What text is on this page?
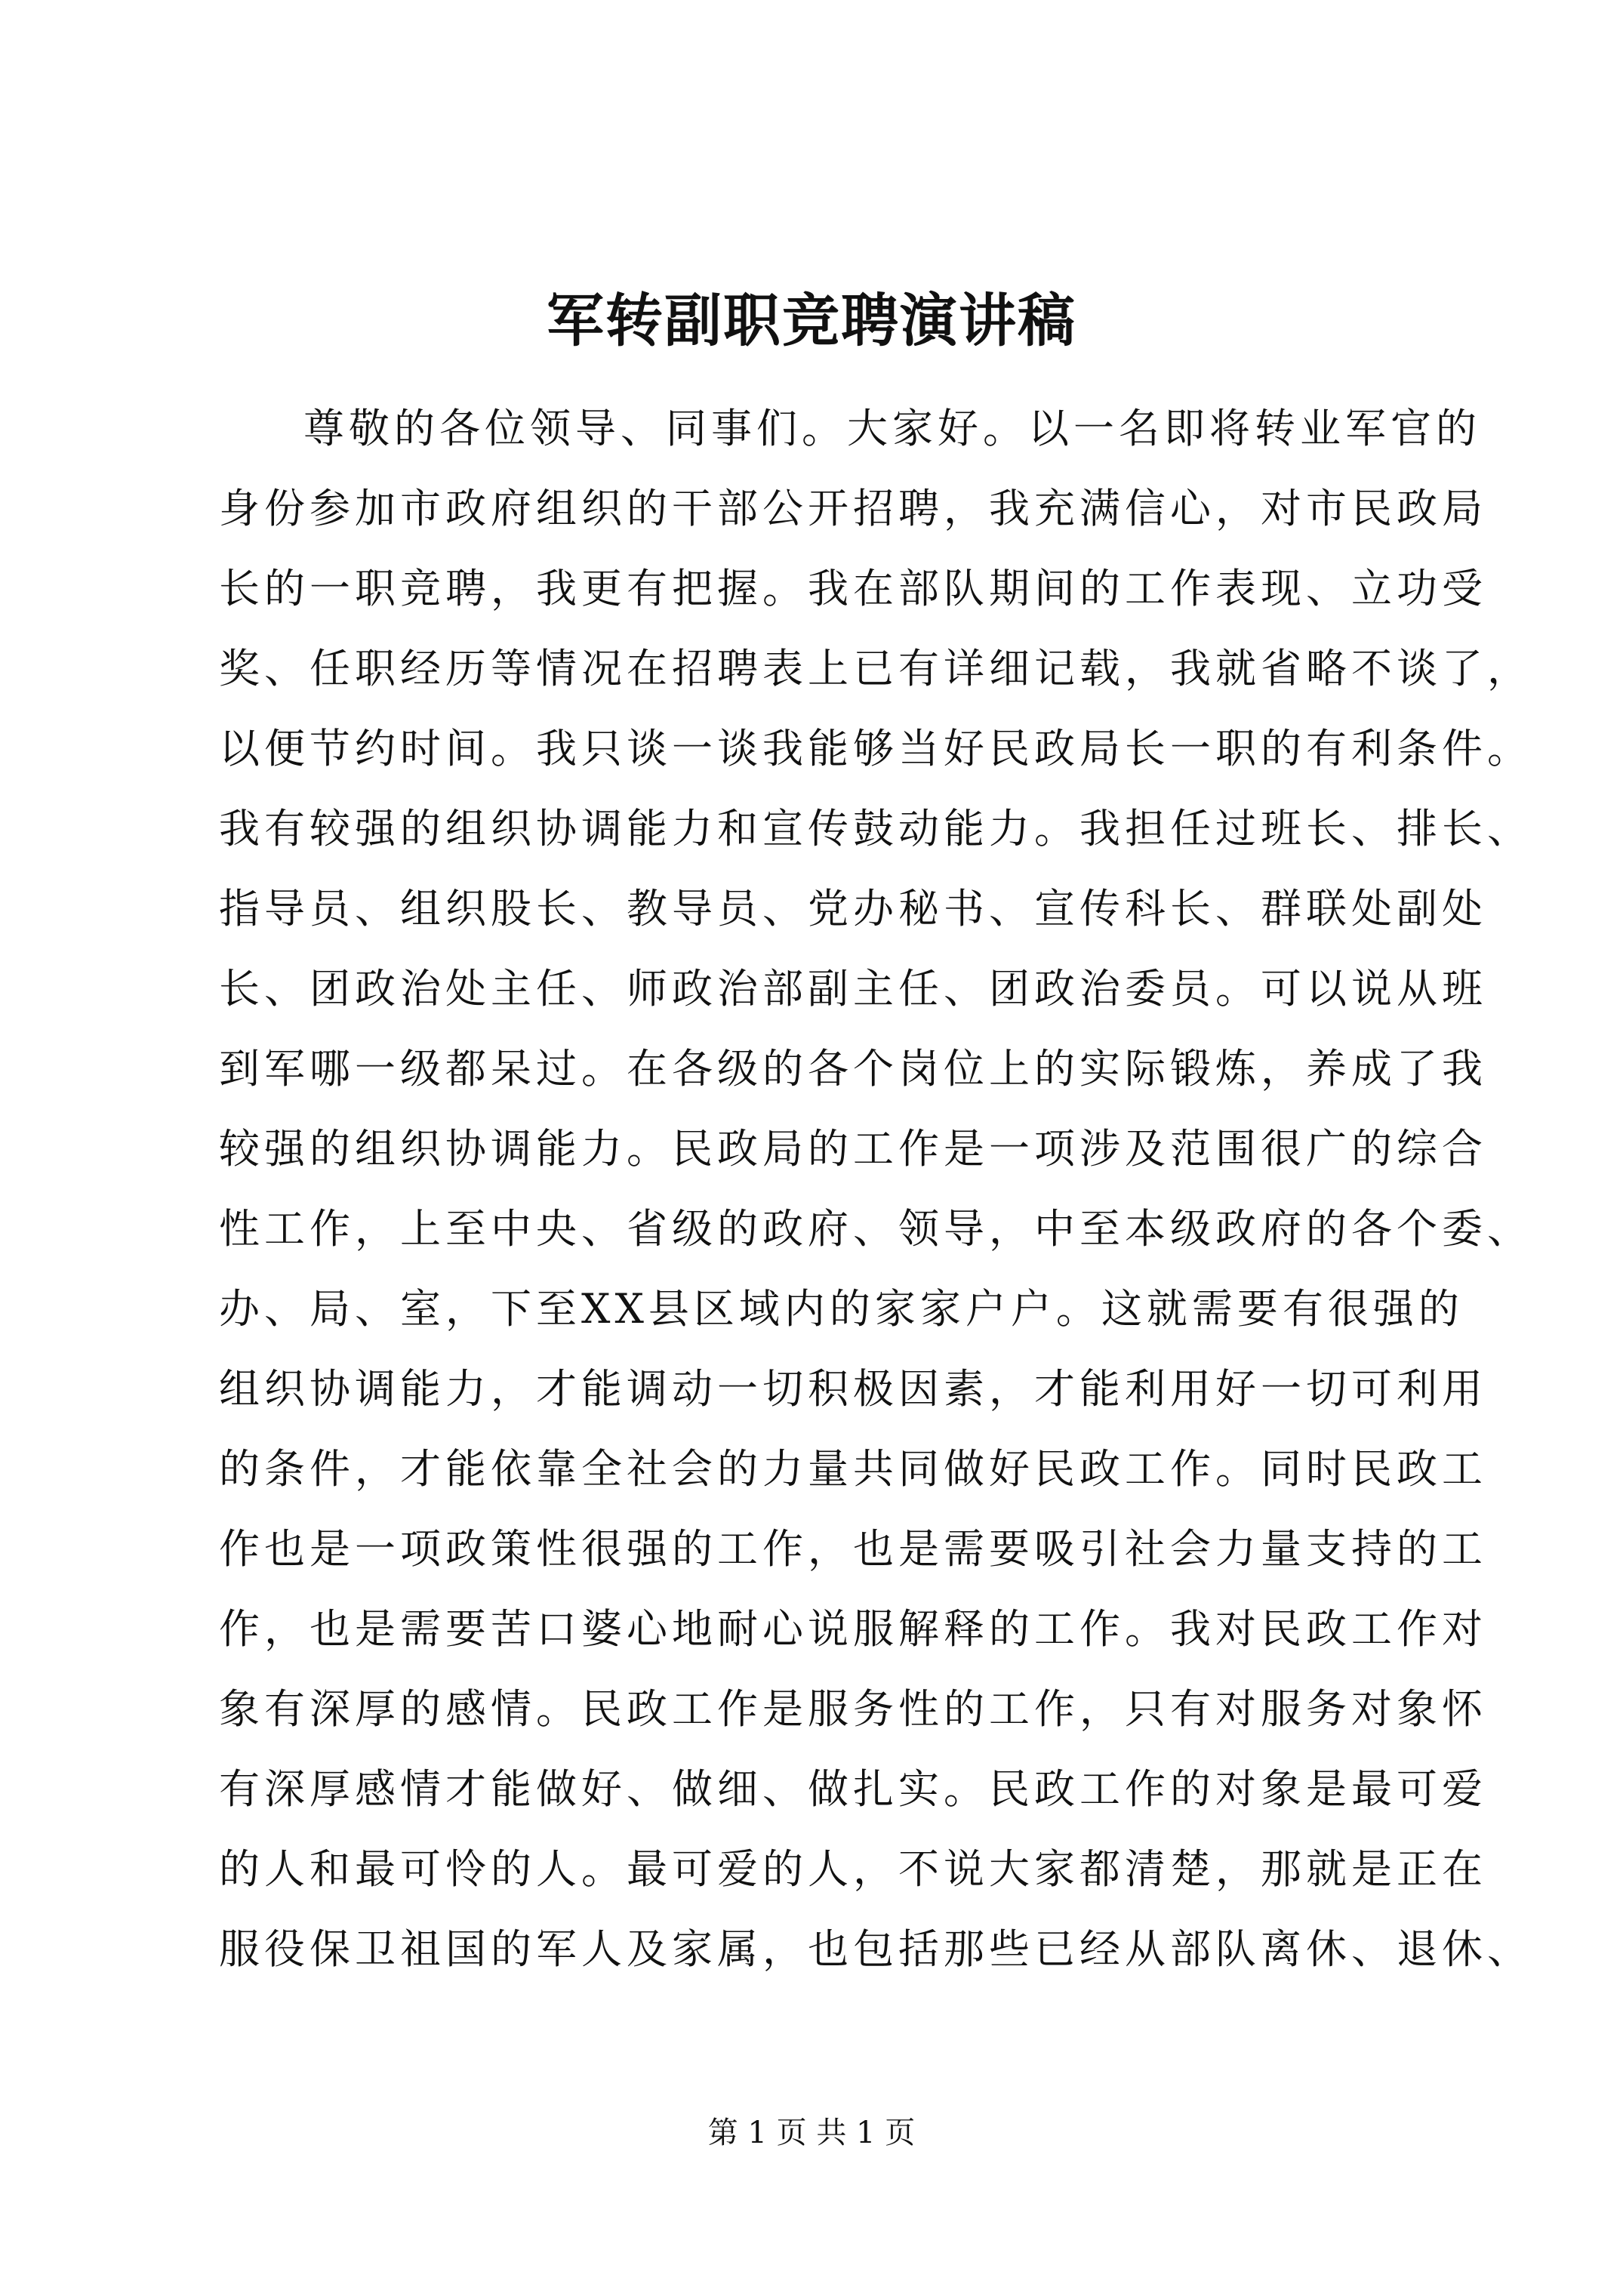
军转副职竞聘演讲稿
尊敬的各位领导、同事们。大家好。以一名即将转业军官的
身份参加市政府组织的干部公开招聘，我充满信心，对市民政局
长的一职竞聘，我更有把握。我在部队期间的工作表现、立功受
奖、任职经历等情况在招聘表上已有详细记载，我就省略不谈了，
以便节约时间。我只谈一谈我能够当好民政局长一职的有利条件。
我有较强的组织协调能力和宣传鼓动能力。我担任过班长、排长、
指导员、组织股长、教导员、党办秘书、宣传科长、群联处副处
长、团政治处主任、师政治部副主任、团政治委员。可以说从班
到军哪一级都呆过。在各级的各个岗位上的实际锻炼，养成了我
较强的组织协调能力。民政局的工作是一项涉及范围很广的综合
性工作，上至中央、省级的政府、领导，中至本级政府的各个委、
办、局、室，下至XX县区域内的家家户户。这就需要有很强的
组织协调能力，才能调动一切积极因素，才能利用好一切可利用
的条件，才能依靠全社会的力量共同做好民政工作。同时民政工
作也是一项政策性很强的工作，也是需要吸引社会力量支持的工
作，也是需要苦口婆心地耐心说服解释的工作。我对民政工作对
象有深厚的感情。民政工作是服务性的工作，只有对服务对象怀
有深厚感情才能做好、做细、做扎实。民政工作的对象是最可爱
的人和最可怜的人。最可爱的人，不说大家都清楚，那就是正在
服役保卫祖国的军人及家属，也包括那些已经从部队离休、退休、
第 1 页 共 1 页
